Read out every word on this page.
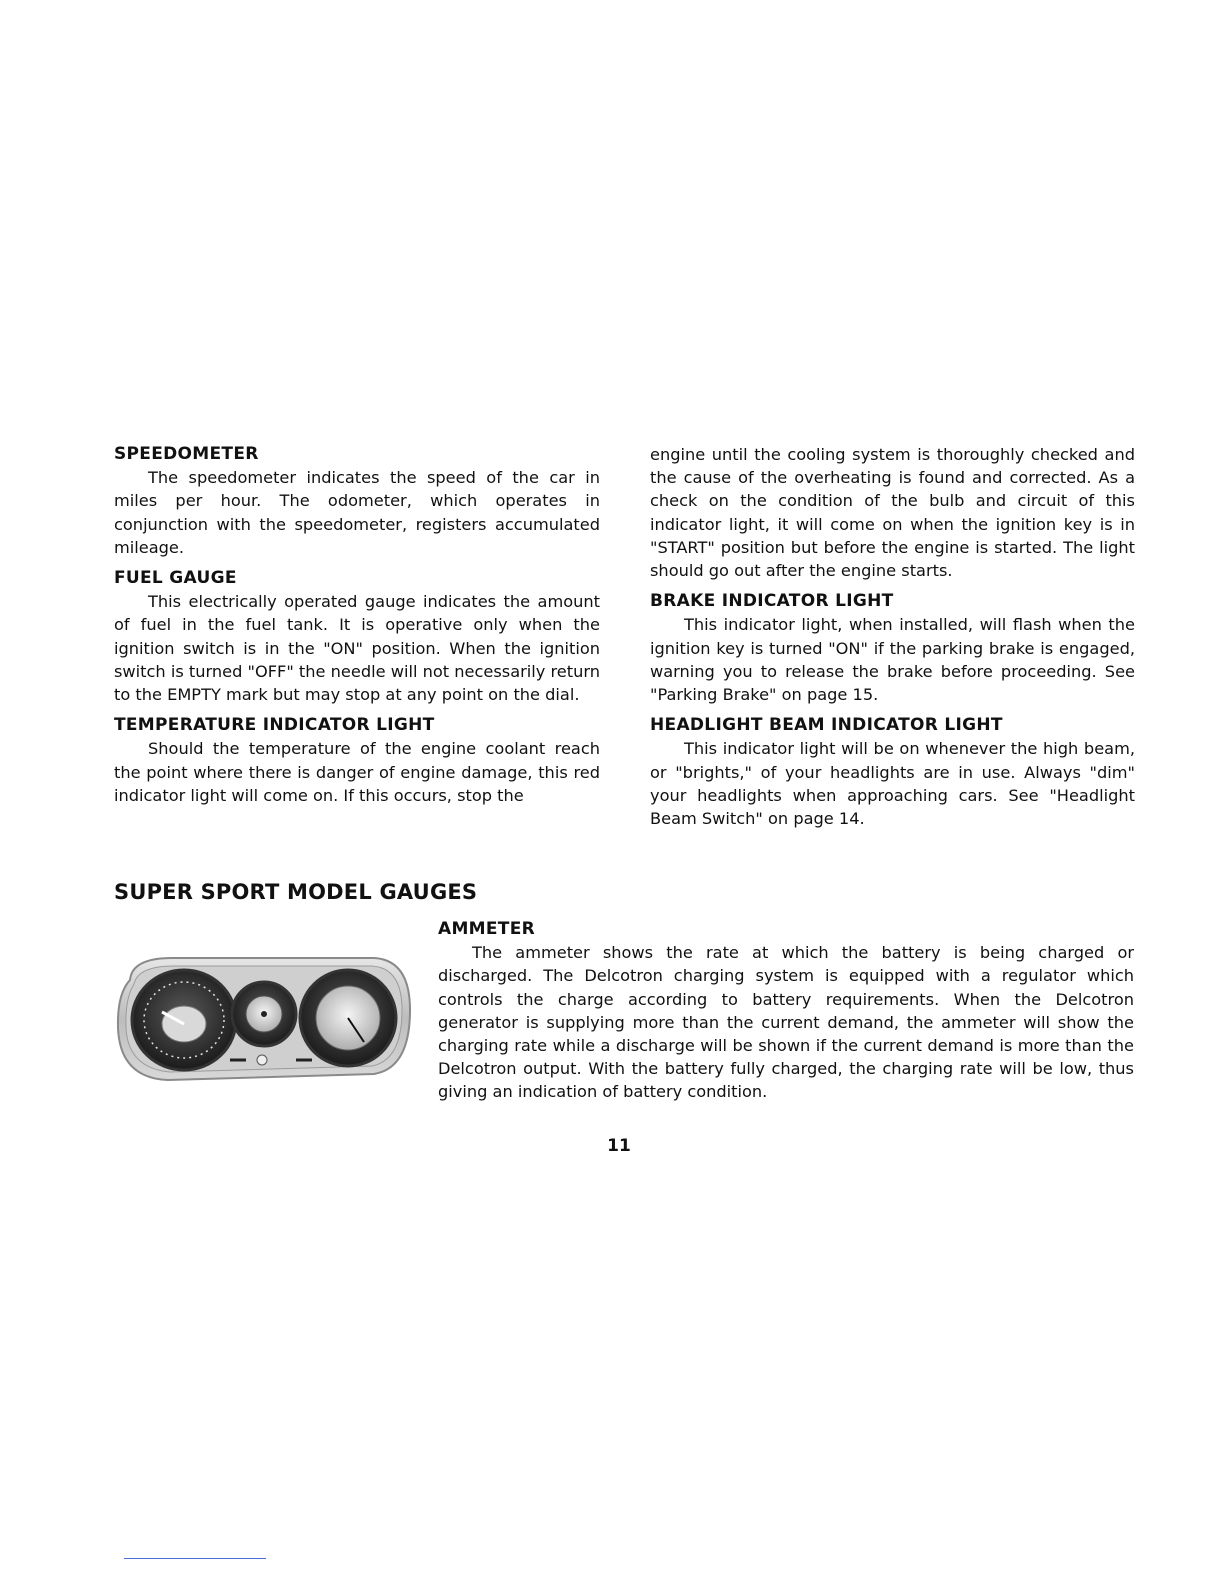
SPEEDOMETER

The speedometer indicates the speed of the car in miles per hour. The odometer, which operates in conjunction with the speedometer, registers accumulated mileage.

FUEL GAUGE

This electrically operated gauge indicates the amount of fuel in the fuel tank. It is operative only when the ignition switch is in the "ON" position. When the ignition switch is turned "OFF" the needle will not necessarily return to the EMPTY mark but may stop at any point on the dial.

TEMPERATURE INDICATOR LIGHT

Should the temperature of the engine coolant reach the point where there is danger of engine damage, this red indicator light will come on. If this occurs, stop the

engine until the cooling system is thoroughly checked and the cause of the overheating is found and corrected. As a check on the condition of the bulb and circuit of this indicator light, it will come on when the ignition key is in "START" position but before the engine is started. The light should go out after the engine starts.

BRAKE INDICATOR LIGHT

This indicator light, when installed, will flash when the ignition key is turned "ON" if the parking brake is engaged, warning you to release the brake before proceeding. See "Parking Brake" on page 15.

HEADLIGHT BEAM INDICATOR LIGHT

This indicator light will be on whenever the high beam, or "brights," of your headlights are in use. Always "dim" your headlights when approaching cars. See "Headlight Beam Switch" on page 14.

SUPER SPORT MODEL GAUGES
AMMETER

The ammeter shows the rate at which the battery is being charged or discharged. The Delcotron charging system is equipped with a regulator which controls the charge according to battery requirements. When the Delcotron generator is supplying more than the current demand, the ammeter will show the charging rate while a discharge will be shown if the current demand is more than the Delcotron output. With the battery fully charged, the charging rate will be low, thus giving an indication of battery condition.

11
